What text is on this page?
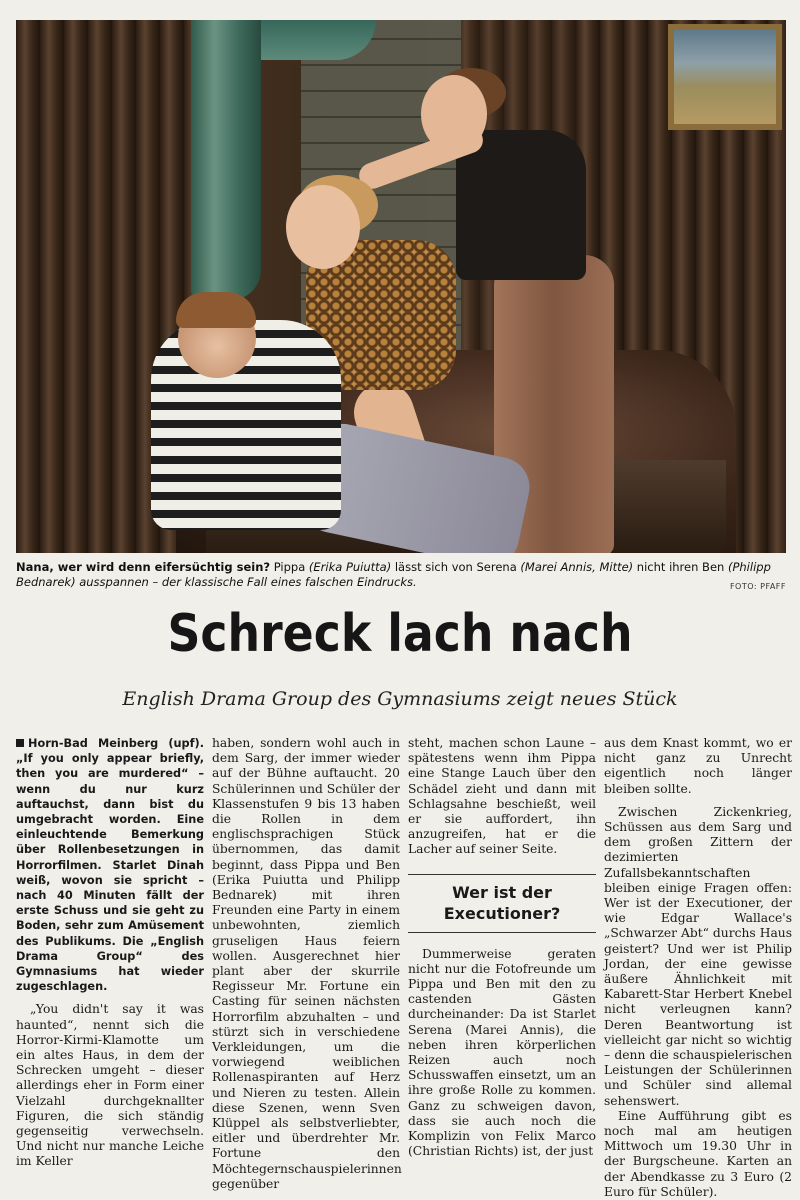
Nana, wer wird denn eifersüchtig sein? Pippa (Erika Puiutta) lässt sich von Serena (Marei Annis, Mitte) nicht ihren Ben (Philipp Bednarek) ausspannen – der klassische Fall eines falschen Eindrucks.	FOTO: PFAFF
Schreck lach nach
English Drama Group des Gymnasiums zeigt neues Stück

Horn-Bad Meinberg (upf). „If you only appear briefly, then you are murdered“ – wenn du nur kurz auftauchst, dann bist du umgebracht worden. Eine einleuchtende Bemerkung über Rollenbesetzungen in Horrorfilmen. Starlet Dinah weiß, wovon sie spricht – nach 40 Minuten fällt der erste Schuss und sie geht zu Boden, sehr zum Amüsement des Publikums. Die „English Drama Group“ des Gymnasiums hat wieder zugeschlagen.

„You didn't say it was haunted“, nennt sich die Horror-Kirmi-Klamotte um ein altes Haus, in dem der Schrecken umgeht – dieser allerdings eher in Form einer Vielzahl durchgeknallter Figuren, die sich ständig gegenseitig verwechseln. Und nicht nur manche Leiche im Keller

haben, sondern wohl auch in dem Sarg, der immer wieder auf der Bühne auftaucht. 20 Schülerinnen und Schüler der Klassenstufen 9 bis 13 haben die Rollen in dem englischsprachigen Stück übernommen, das damit beginnt, dass Pippa und Ben (Erika Puiutta und Philipp Bednarek) mit ihren Freunden eine Party in einem unbewohnten, ziemlich gruseligen Haus feiern wollen. Ausgerechnet hier plant aber der skurrile Regisseur Mr. Fortune ein Casting für seinen nächsten Horrorfilm abzuhalten – und stürzt sich in verschiedene Verkleidungen, um die vorwiegend weiblichen Rollenaspiranten auf Herz und Nieren zu testen. Allein diese Szenen, wenn Sven Klüppel als selbstverliebter, eitler und überdrehter Mr. Fortune den Möchtegernschauspielerinnen gegenüber

steht, machen schon Laune – spätestens wenn ihm Pippa eine Stange Lauch über den Schädel zieht und dann mit Schlagsahne beschießt, weil er sie auffordert, ihn anzugreifen, hat er die Lacher auf seiner Seite.

Wer ist der Executioner?

Dummerweise geraten nicht nur die Fotofreunde um Pippa und Ben mit den zu castenden Gästen durcheinander: Da ist Starlet Serena (Marei Annis), die neben ihren körperlichen Reizen auch noch Schusswaffen einsetzt, um an ihre große Rolle zu kommen. Ganz zu schweigen davon, dass sie auch noch die Komplizin von Felix Marco (Christian Richts) ist, der just

aus dem Knast kommt, wo er nicht ganz zu Unrecht eigentlich noch länger bleiben sollte.

Zwischen Zickenkrieg, Schüssen aus dem Sarg und dem großen Zittern der dezimierten Zufallsbekanntschaften bleiben einige Fragen offen: Wer ist der Executioner, der wie Edgar Wallace's „Schwarzer Abt“ durchs Haus geistert? Und wer ist Philip Jordan, der eine gewisse äußere Ähnlichkeit mit Kabarett-Star Herbert Knebel nicht verleugnen kann? Deren Beantwortung ist vielleicht gar nicht so wichtig – denn die schauspielerischen Leistungen der Schülerinnen und Schüler sind allemal sehenswert.

Eine Aufführung gibt es noch mal am heutigen Mittwoch um 19.30 Uhr in der Burgscheune. Karten an der Abendkasse zu 3 Euro (2 Euro für Schüler).
